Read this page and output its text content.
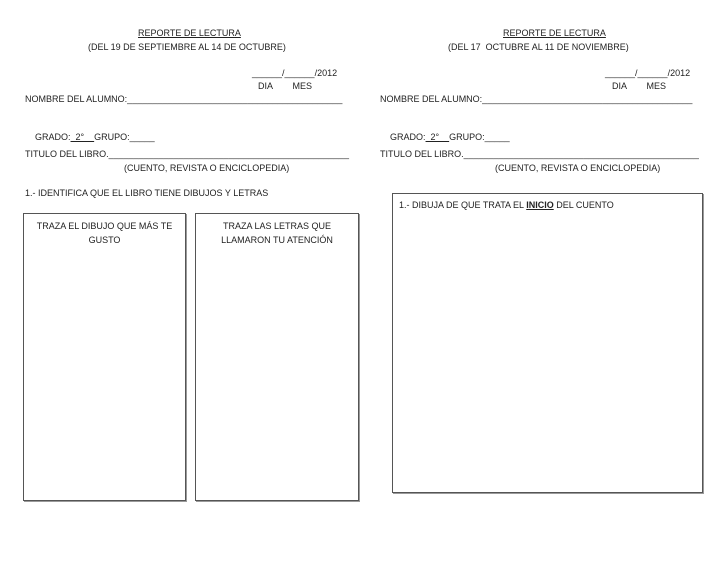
REPORTE DE LECTURA
(DEL 19 DE SEPTIEMBRE AL 14 DE OCTUBRE)
______/______/2012
DIA        MES
NOMBRE DEL ALUMNO:___________________________________________

GRADO:  2°    GRUPO:_____

TITULO DEL LIBRO.________________________________________________
(CUENTO, REVISTA O ENCICLOPEDIA)
1.- IDENTIFICA QUE EL LIBRO TIENE DIBUJOS Y LETRAS
TRAZA EL DIBUJO QUE MÁS TE GUSTO
TRAZA LAS LETRAS QUE LLAMARON TU ATENCIÓN
REPORTE DE LECTURA
(DEL 17  OCTUBRE AL 11 DE NOVIEMBRE)
______/______/2012
DIA        MES
NOMBRE DEL ALUMNO:__________________________________________

GRADO:  2°    GRUPO:_____

TITULO DEL LIBRO._______________________________________________
(CUENTO, REVISTA O ENCICLOPEDIA)
1.- DIBUJA DE QUE TRATA EL INICIO DEL CUENTO
